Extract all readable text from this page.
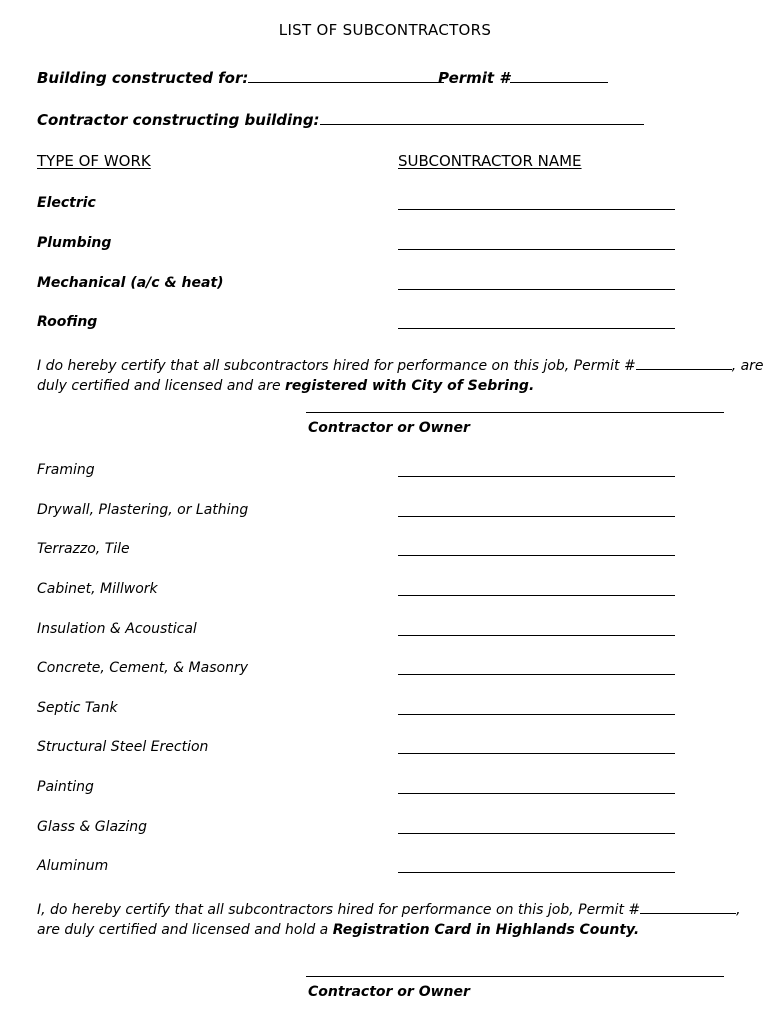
LIST OF SUBCONTRACTORS
Building constructed for:	Permit #
Contractor constructing building:
TYPE OF WORK	SUBCONTRACTOR NAME
Electric
Plumbing
Mechanical (a/c & heat)
Roofing
I do hereby certify that all subcontractors hired for performance on this job, Permit #	, are
duly certified and licensed and are registered with City of Sebring.
Contractor or Owner
Framing
Drywall, Plastering, or Lathing
Terrazzo, Tile
Cabinet, Millwork
Insulation & Acoustical
Concrete, Cement, & Masonry
Septic Tank
Structural Steel Erection
Painting
Glass & Glazing
Aluminum
I, do hereby certify that all subcontractors hired for performance on this job, Permit #	,
are duly certified and licensed and hold a Registration Card in Highlands County.
Contractor or Owner
